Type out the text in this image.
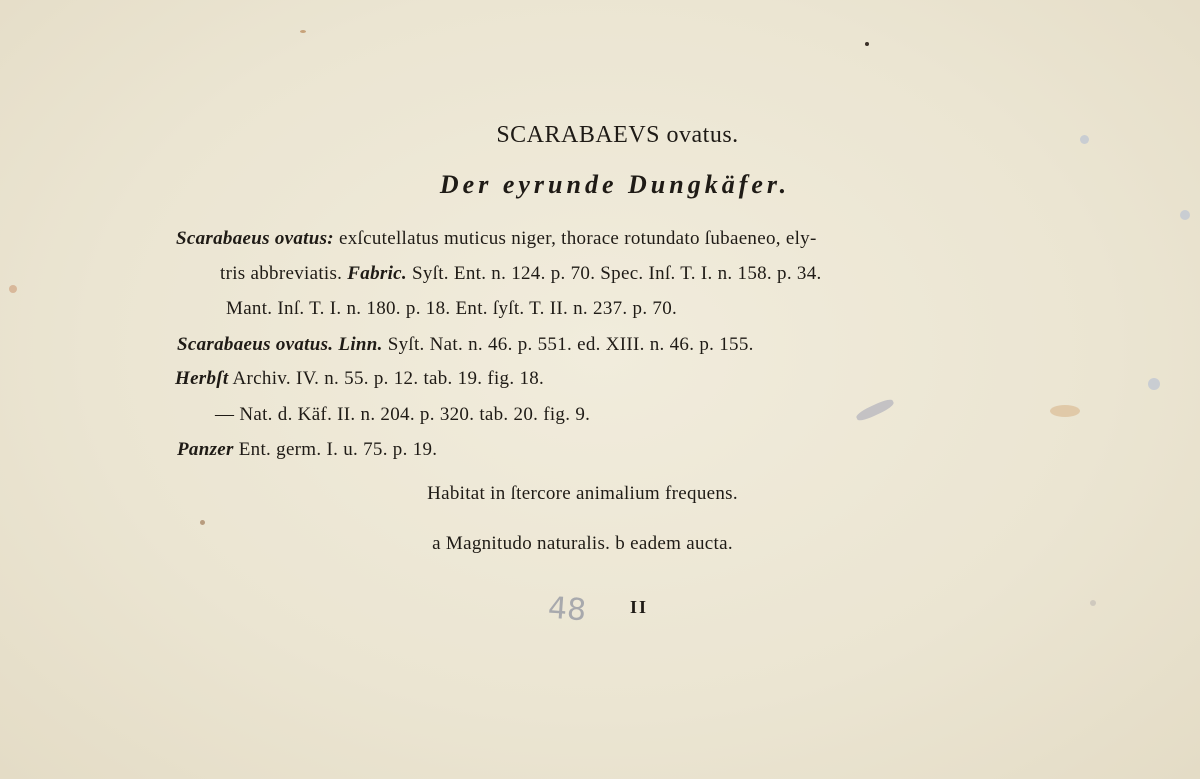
SCARABAEVS ovatus.
Der eyrunde Dungkäfer.
Scarabaeus ovatus: exſcutellatus muticus niger, thorace rotundato ſubaeneo, ely-
tris abbreviatis. Fabric. Syſt. Ent. n. 124. p. 70. Spec. Inſ. T. I. n. 158. p. 34.
Mant. Inſ. T. I. n. 180. p. 18. Ent. ſyſt. T. II. n. 237. p. 70.
Scarabaeus ovatus. Linn. Syſt. Nat. n. 46. p. 551. ed. XIII. n. 46. p. 155.
Herbſt Archiv. IV. n. 55. p. 12. tab. 19. fig. 18.
— Nat. d. Käf. II. n. 204. p. 320. tab. 20. fig. 9.
Panzer Ent. germ. I. u. 75. p. 19.
Habitat in ſtercore animalium frequens.
a Magnitudo naturalis. b eadem aucta.
48 II
